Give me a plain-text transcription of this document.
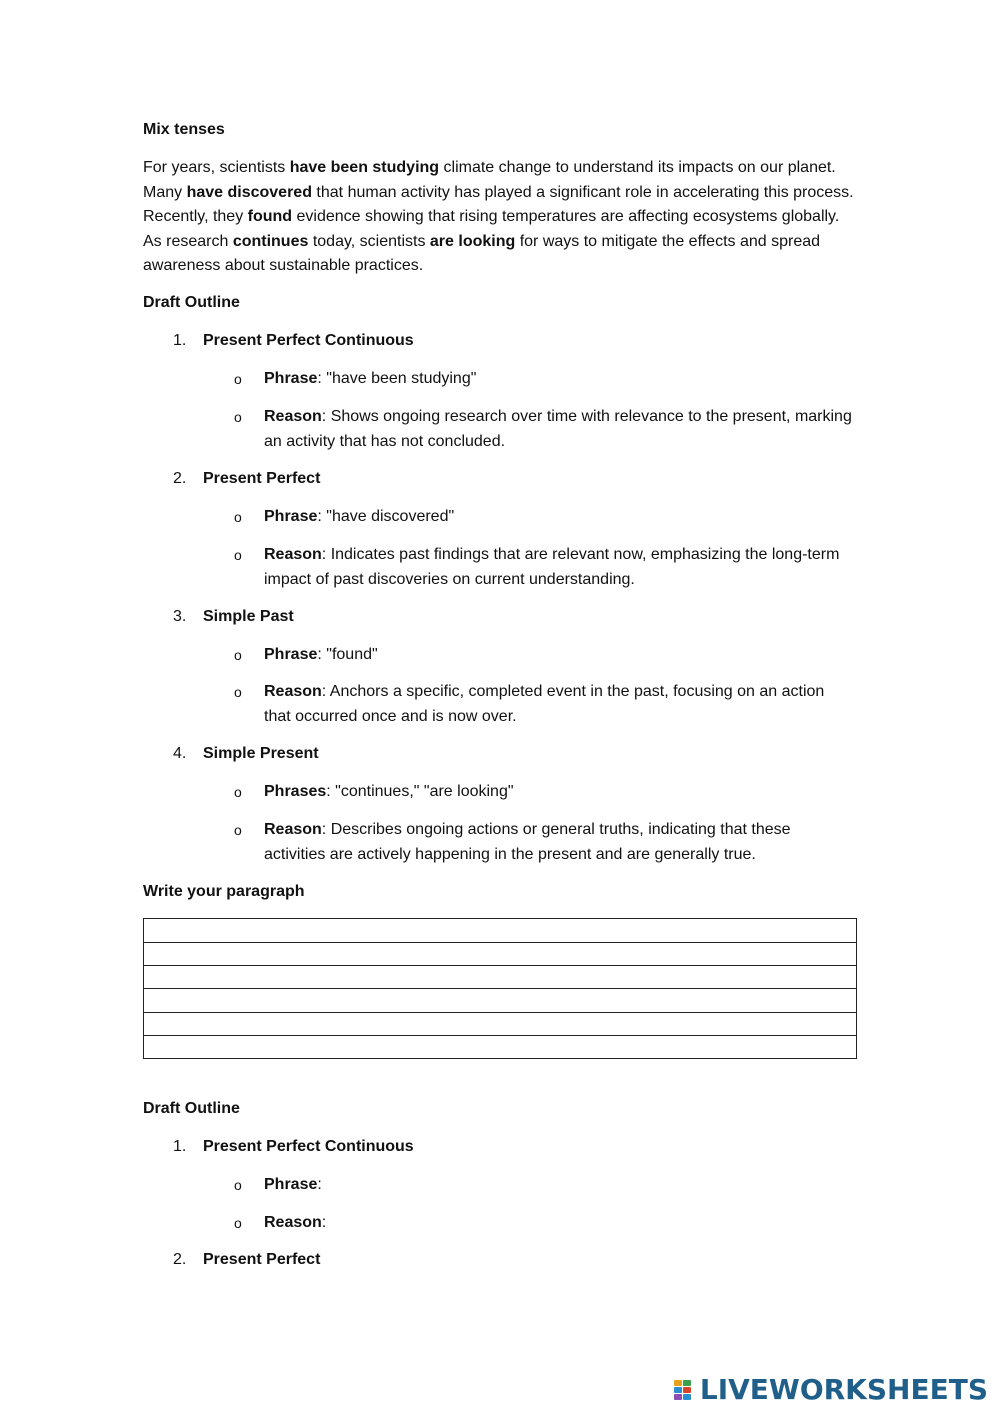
Mix tenses

For years, scientists have been studying climate change to understand its impacts on our planet. Many have discovered that human activity has played a significant role in accelerating this process. Recently, they found evidence showing that rising temperatures are affecting ecosystems globally. As research continues today, scientists are looking for ways to mitigate the effects and spread awareness about sustainable practices.

Draft Outline
1. Present Perfect Continuous
o Phrase: "have been studying"
o Reason: Shows ongoing research over time with relevance to the present, marking an activity that has not concluded.
2. Present Perfect
o Phrase: "have discovered"
o Reason: Indicates past findings that are relevant now, emphasizing the long-term impact of past discoveries on current understanding.
3. Simple Past
o Phrase: "found"
o Reason: Anchors a specific, completed event in the past, focusing on an action that occurred once and is now over.
4. Simple Present
o Phrases: "continues," "are looking"
o Reason: Describes ongoing actions or general truths, indicating that these activities are actively happening in the present and are generally true.
Write your paragraph
Draft Outline
1. Present Perfect Continuous
o Phrase:
o Reason:
2. Present Perfect
LIVEWORKSHEETS
